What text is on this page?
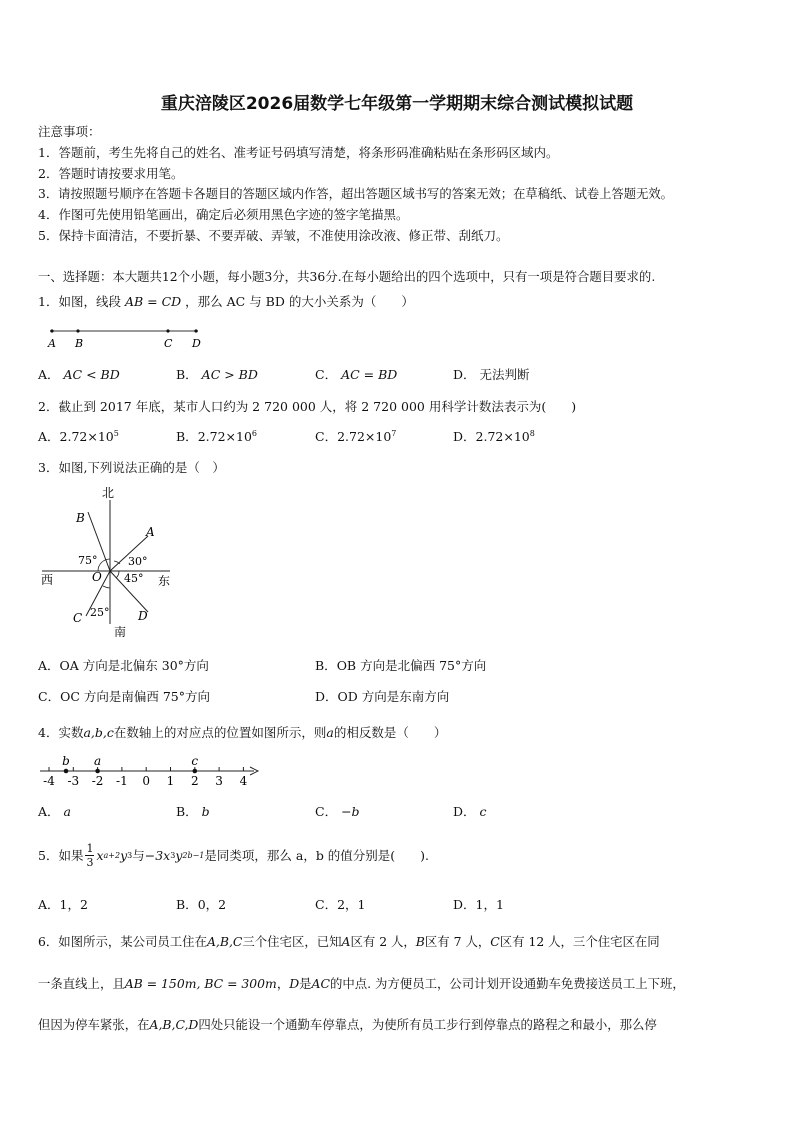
重庆涪陵区2026届数学七年级第一学期期末综合测试模拟试题
注意事项：
1．答题前，考生先将自己的姓名、准考证号码填写清楚，将条形码准确粘贴在条形码区域内。
2．答题时请按要求用笔。
3．请按照题号顺序在答题卡各题目的答题区域内作答，超出答题区域书写的答案无效；在草稿纸、试卷上答题无效。
4．作图可先使用铅笔画出，确定后必须用黑色字迹的签字笔描黑。
5．保持卡面清洁，不要折暴、不要弄破、弄皱，不准使用涂改液、修正带、刮纸刀。
一、选择题：本大题共12个小题，每小题3分，共36分.在每小题给出的四个选项中，只有一项是符合题目要求的.
1．如图，线段 AB = CD ，那么 AC 与 BD 的大小关系为（　　）
A B	C D
A． AC < BD	B． AC > BD	C． AC = BD	D． 无法判断
2．截止到 2017 年底，某市人口约为 2 720 000 人，将 2 720 000 用科学计数法表示为(　　)
A．$2.72\times 10^5$	B．$2.72\times 10^6$	C．$2.72\times 10^7$	D．$2.72\times 10^8$
3．如图,下列说法正确的是（　）
北
南
西	东
O
A
B
C	D
75°	30°
45°
25°
A．OA 方向是北偏东 30°方向	B．OB 方向是北偏西 75°方向
C．OC 方向是南偏西 75°方向	D．OD 方向是东南方向
4．实数a,b,c在数轴上的对应点的位置如图所示，则a的相反数是（　　）
-4 -3 -2 -1 0 1 2 3 4
b a	c
A． a	B． b	C． −b	D． c
5．如果 $\frac{1}{3}$ x a+2 y 3 与 −3x 3 y 2b−1 是同类项，那么 a，b 的值分别是(　　).
A．1，2	B．0，2	C．2，1	D．1，1
6．如图所示，某公司员工住在A,B,C三个住宅区，已知A区有 2 人，B区有 7 人，C区有 12 人，三个住宅区在同
一条直线上，且AB = 150m, BC = 300m，D是AC的中点. 为方便员工，公司计划开设通勤车免费接送员工上下班，
但因为停车紧张，在A,B,C,D四处只能设一个通勤车停靠点，为使所有员工步行到停靠点的路程之和最小，那么停
